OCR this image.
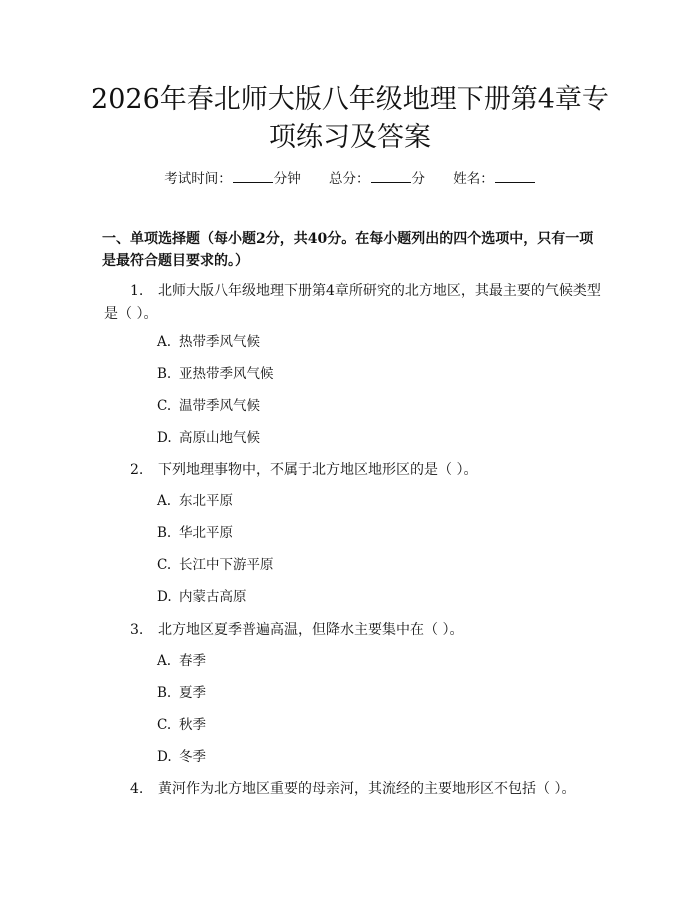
2026年春北师大版八年级地理下册第4章专
项练习及答案
考试时间：	分钟 总分：	分 姓名：

一、单项选择题（每小题2分，共40分。在每小题列出的四个选项中，只有一项是最符合题目要求的。）

1. 北师大版八年级地理下册第4章所研究的北方地区，其最主要的气候类型是（ ）。

A. 热带季风气候
B. 亚热带季风气候
C. 温带季风气候
D. 高原山地气候

2. 下列地理事物中，不属于北方地区地形区的是（ ）。

A. 东北平原
B. 华北平原
C. 长江中下游平原
D. 内蒙古高原

3. 北方地区夏季普遍高温，但降水主要集中在（ ）。

A. 春季
B. 夏季
C. 秋季
D. 冬季

4. 黄河作为北方地区重要的母亲河，其流经的主要地形区不包括（ ）。
